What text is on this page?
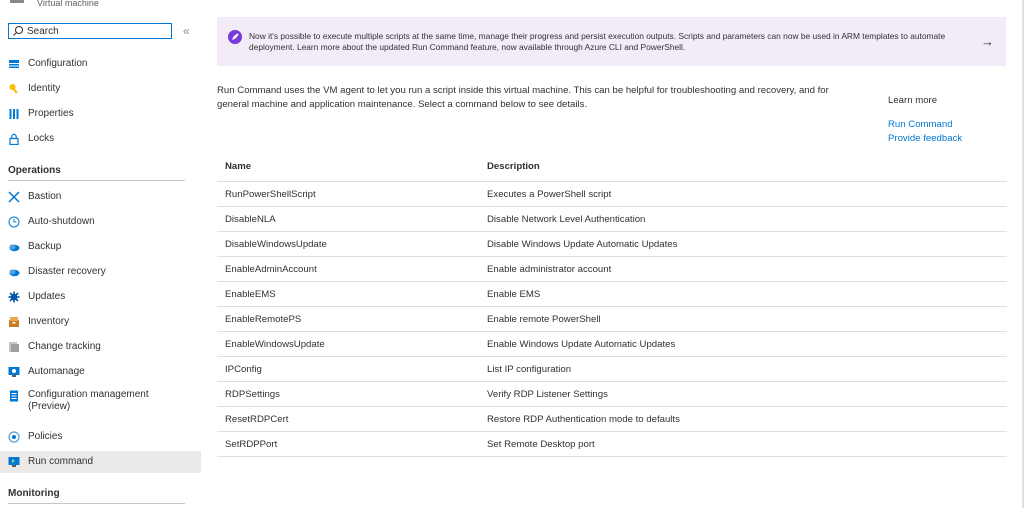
Virtual machine
Search
«
Configuration
Identity
Properties
Locks
Operations
Bastion
Auto-shutdown
Backup
Disaster recovery
Updates
Inventory
Change tracking
Automanage
Configuration management
(Preview)
Policies
Run command
Monitoring
Now it's possible to execute multiple scripts at the same time, manage their progress and persist execution outputs. Scripts and parameters can now be used in ARM templates to automate deployment. Learn more about the updated Run Command feature, now available through Azure CLI and PowerShell.	→
Run Command uses the VM agent to let you run a script inside this virtual machine. This can be helpful for troubleshooting and recovery, and for general machine and application maintenance. Select a command below to see details.	Learn more
Run Command
Provide feedback
Name	Description
RunPowerShellScript	Executes a PowerShell script
DisableNLA	Disable Network Level Authentication
DisableWindowsUpdate	Disable Windows Update Automatic Updates
EnableAdminAccount	Enable administrator account
EnableEMS	Enable EMS
EnableRemotePS	Enable remote PowerShell
EnableWindowsUpdate	Enable Windows Update Automatic Updates
IPConfig	List IP configuration
RDPSettings	Verify RDP Listener Settings
ResetRDPCert	Restore RDP Authentication mode to defaults
SetRDPPort	Set Remote Desktop port
